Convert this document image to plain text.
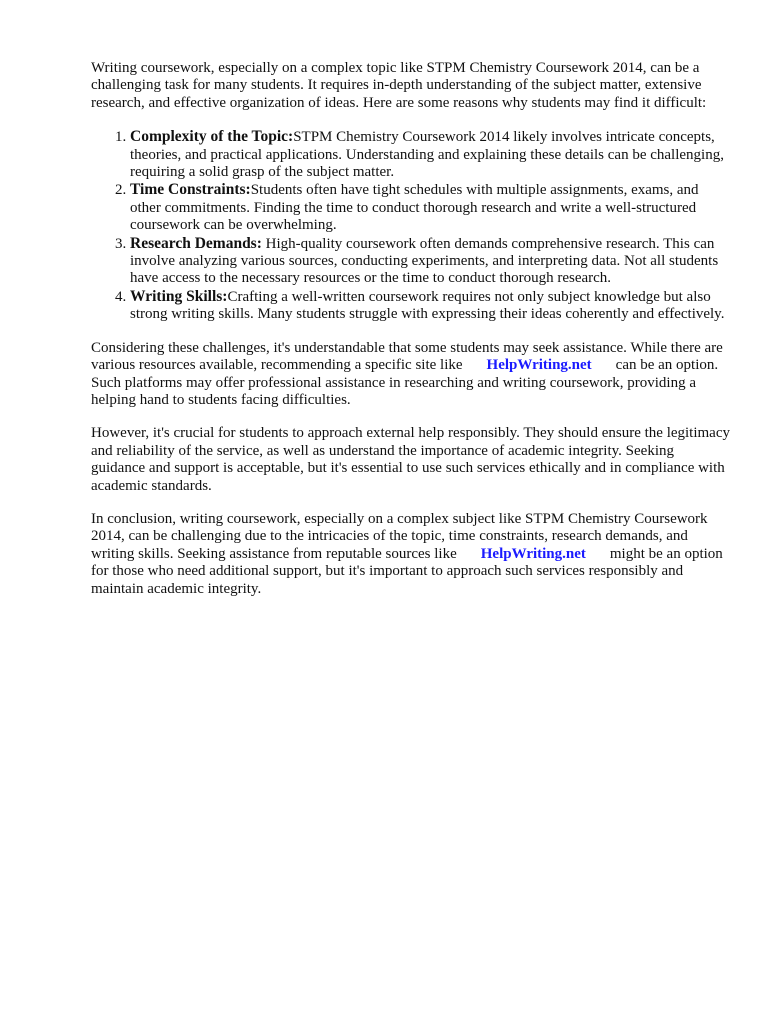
Writing coursework, especially on a complex topic like STPM Chemistry Coursework 2014, can be a challenging task for many students. It requires in-depth understanding of the subject matter, extensive research, and effective organization of ideas. Here are some reasons why students may find it difficult:

1. Complexity of the Topic:STPM Chemistry Coursework 2014 likely involves intricate concepts, theories, and practical applications. Understanding and explaining these details can be challenging, requiring a solid grasp of the subject matter.
2. Time Constraints:Students often have tight schedules with multiple assignments, exams, and other commitments. Finding the time to conduct thorough research and write a well-structured coursework can be overwhelming.
3. Research Demands: High-quality coursework often demands comprehensive research. This can involve analyzing various sources, conducting experiments, and interpreting data. Not all students have access to the necessary resources or the time to conduct thorough research.
4. Writing Skills:Crafting a well-written coursework requires not only subject knowledge but also strong writing skills. Many students struggle with expressing their ideas coherently and effectively.

Considering these challenges, it's understandable that some students may seek assistance. While there are various resources available, recommending a specific site like HelpWriting.net can be an option. Such platforms may offer professional assistance in researching and writing coursework, providing a helping hand to students facing difficulties.

However, it's crucial for students to approach external help responsibly. They should ensure the legitimacy and reliability of the service, as well as understand the importance of academic integrity. Seeking guidance and support is acceptable, but it's essential to use such services ethically and in compliance with academic standards.

In conclusion, writing coursework, especially on a complex subject like STPM Chemistry Coursework 2014, can be challenging due to the intricacies of the topic, time constraints, research demands, and writing skills. Seeking assistance from reputable sources like HelpWriting.net might be an option for those who need additional support, but it's important to approach such services responsibly and maintain academic integrity.
